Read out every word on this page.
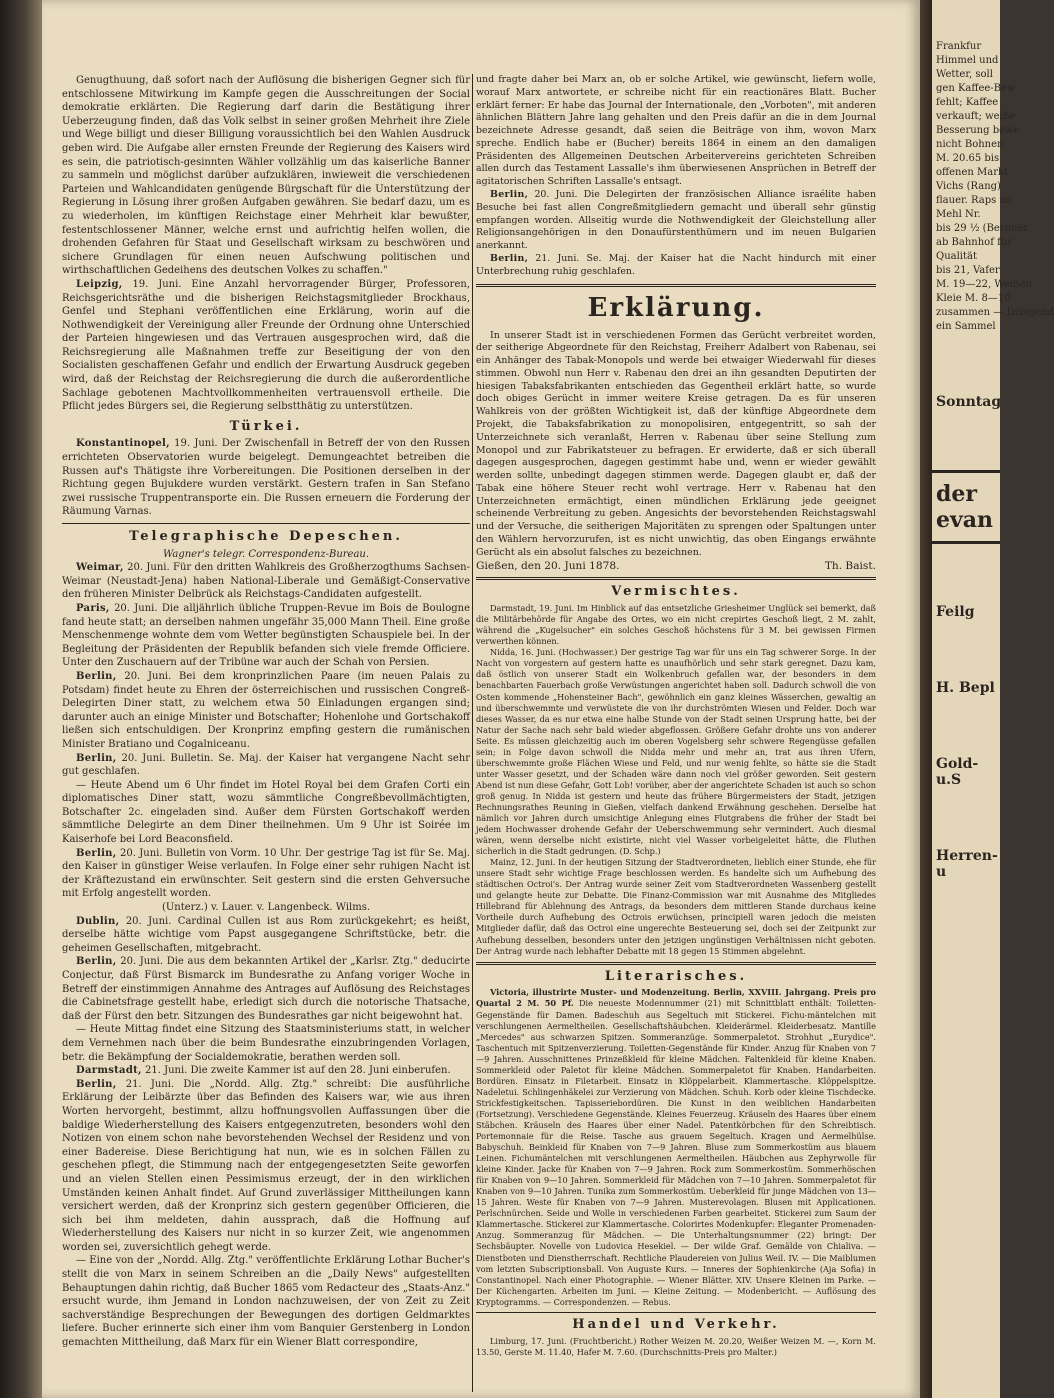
Genugthuung, daß sofort nach der Auflösung die bisherigen Gegner sich für entschlossene Mitwirkung im Kampfe gegen die Ausschreitungen der Social demokratie erklärten. Die Regierung darf darin die Bestätigung ihrer Ueberzeugung finden, daß das Volk selbst in seiner großen Mehrheit ihre Ziele und Wege billigt und dieser Billigung voraussichtlich bei den Wahlen Ausdruck geben wird. Die Aufgabe aller ernsten Freunde der Regierung des Kaisers wird es sein, die patriotisch-gesinnten Wähler vollzählig um das kaiserliche Banner zu sammeln und möglichst darüber aufzuklären, inwieweit die verschiedenen Parteien und Wahlcandidaten genügende Bürgschaft für die Unterstützung der Regierung in Lösung ihrer großen Aufgaben gewähren. Sie bedarf dazu, um es zu wiederholen, im künftigen Reichstage einer Mehrheit klar bewußter, festentschlossener Männer, welche ernst und aufrichtig helfen wollen, die drohenden Gefahren für Staat und Gesellschaft wirksam zu beschwören und sichere Grundlagen für einen neuen Aufschwung politischen und wirthschaftlichen Gedeihens des deutschen Volkes zu schaffen."

Leipzig, 19. Juni. Eine Anzahl hervorragender Bürger, Professoren, Reichsgerichtsräthe und die bisherigen Reichstagsmitglieder Brockhaus, Genfel und Stephani veröffentlichen eine Erklärung, worin auf die Nothwendigkeit der Vereinigung aller Freunde der Ordnung ohne Unterschied der Parteien hingewiesen und das Vertrauen ausgesprochen wird, daß die Reichsregierung alle Maßnahmen treffe zur Beseitigung der von den Socialisten geschaffenen Gefahr und endlich der Erwartung Ausdruck gegeben wird, daß der Reichstag der Reichsregierung die durch die außerordentliche Sachlage gebotenen Machtvollkommenheiten vertrauensvoll ertheile. Die Pflicht jedes Bürgers sei, die Regierung selbstthätig zu unterstützen.

Türkei.

Konstantinopel, 19. Juni. Der Zwischenfall in Betreff der von den Russen errichteten Observatorien wurde beigelegt. Demungeachtet betreiben die Russen auf's Thätigste ihre Vorbereitungen. Die Positionen derselben in der Richtung gegen Bujukdere wurden verstärkt. Gestern trafen in San Stefano zwei russische Truppentransporte ein. Die Russen erneuern die Forderung der Räumung Varnas.

Telegraphische Depeschen.
Wagner's telegr. Correspondenz-Bureau.

Weimar, 20. Juni. Für den dritten Wahlkreis des Großherzogthums Sachsen-Weimar (Neustadt-Jena) haben National-Liberale und Gemäßigt-Conservative den früheren Minister Delbrück als Reichstags-Candidaten aufgestellt.

Paris, 20. Juni. Die alljährlich übliche Truppen-Revue im Bois de Boulogne fand heute statt; an derselben nahmen ungefähr 35,000 Mann Theil. Eine große Menschenmenge wohnte dem vom Wetter begünstigten Schauspiele bei. In der Begleitung der Präsidenten der Republik befanden sich viele fremde Officiere. Unter den Zuschauern auf der Tribüne war auch der Schah von Persien.

Berlin, 20. Juni. Bei dem kronprinzlichen Paare (im neuen Palais zu Potsdam) findet heute zu Ehren der österreichischen und russischen Congreß-Delegirten Diner statt, zu welchem etwa 50 Einladungen ergangen sind; darunter auch an einige Minister und Botschafter; Hohenlohe und Gortschakoff ließen sich entschuldigen. Der Kronprinz empfing gestern die rumänischen Minister Bratiano und Cogalniceanu.

Berlin, 20. Juni. Bulletin. Se. Maj. der Kaiser hat vergangene Nacht sehr gut geschlafen.

— Heute Abend um 6 Uhr findet im Hotel Royal bei dem Grafen Corti ein diplomatisches Diner statt, wozu sämmtliche Congreßbevollmächtigten, Botschafter 2c. eingeladen sind. Außer dem Fürsten Gortschakoff werden sämmtliche Delegirte an dem Diner theilnehmen. Um 9 Uhr ist Soirée im Kaiserhofe bei Lord Beaconsfield.

Berlin, 20. Juni. Bulletin von Vorm. 10 Uhr. Der gestrige Tag ist für Se. Maj. den Kaiser in günstiger Weise verlaufen. In Folge einer sehr ruhigen Nacht ist der Kräftezustand ein erwünschter. Seit gestern sind die ersten Gehversuche mit Erfolg angestellt worden.

(Unterz.) v. Lauer. v. Langenbeck. Wilms.

Dublin, 20. Juni. Cardinal Cullen ist aus Rom zurückgekehrt; es heißt, derselbe hätte wichtige vom Papst ausgegangene Schriftstücke, betr. die geheimen Gesellschaften, mitgebracht.

Berlin, 20. Juni. Die aus dem bekannten Artikel der „Karlsr. Ztg." deducirte Conjectur, daß Fürst Bismarck im Bundesrathe zu Anfang voriger Woche in Betreff der einstimmigen Annahme des Antrages auf Auflösung des Reichstages die Cabinetsfrage gestellt habe, erledigt sich durch die notorische Thatsache, daß der Fürst den betr. Sitzungen des Bundesrathes gar nicht beigewohnt hat.

— Heute Mittag findet eine Sitzung des Staatsministeriums statt, in welcher dem Vernehmen nach über die beim Bundesrathe einzubringenden Vorlagen, betr. die Bekämpfung der Socialdemokratie, berathen werden soll.

Darmstadt, 21. Juni. Die zweite Kammer ist auf den 28. Juni einberufen.

Berlin, 21. Juni. Die „Nordd. Allg. Ztg." schreibt: Die ausführliche Erklärung der Leibärzte über das Befinden des Kaisers war, wie aus ihren Worten hervorgeht, bestimmt, allzu hoffnungsvollen Auffassungen über die baldige Wiederherstellung des Kaisers entgegenzutreten, besonders wohl den Notizen von einem schon nahe bevorstehenden Wechsel der Residenz und von einer Badereise. Diese Berichtigung hat nun, wie es in solchen Fällen zu geschehen pflegt, die Stimmung nach der entgegengesetzten Seite geworfen und an vielen Stellen einen Pessimismus erzeugt, der in den wirklichen Umständen keinen Anhalt findet. Auf Grund zuverlässiger Mittheilungen kann versichert werden, daß der Kronprinz sich gestern gegenüber Officieren, die sich bei ihm meldeten, dahin aussprach, daß die Hoffnung auf Wiederherstellung des Kaisers nur nicht in so kurzer Zeit, wie angenommen worden sei, zuversichtlich gehegt werde.

— Eine von der „Nordd. Allg. Ztg." veröffentlichte Erklärung Lothar Bucher's stellt die von Marx in seinem Schreiben an die „Daily News" aufgestellten Behauptungen dahin richtig, daß Bucher 1865 vom Redacteur des „Staats-Anz." ersucht wurde, ihm Jemand in London nachzuweisen, der von Zeit zu Zeit sachverständige Besprechungen der Bewegungen des dortigen Geldmarktes liefere. Bucher erinnerte sich einer ihm vom Banquier Gerstenberg in London gemachten Mittheilung, daß Marx für ein Wiener Blatt correspondire,

und fragte daher bei Marx an, ob er solche Artikel, wie gewünscht, liefern wolle, worauf Marx antwortete, er schreibe nicht für ein reactionäres Blatt. Bucher erklärt ferner: Er habe das Journal der Internationale, den „Vorboten", mit anderen ähnlichen Blättern Jahre lang gehalten und den Preis dafür an die in dem Journal bezeichnete Adresse gesandt, daß seien die Beiträge von ihm, wovon Marx spreche. Endlich habe er (Bucher) bereits 1864 in einem an den damaligen Präsidenten des Allgemeinen Deutschen Arbeitervereins gerichteten Schreiben allen durch das Testament Lassalle's ihm überwiesenen Ansprüchen in Betreff der agitatorischen Schriften Lassalle's entsagt.

Berlin, 20. Juni. Die Delegirten der französischen Alliance israélite haben Besuche bei fast allen Congreßmitgliedern gemacht und überall sehr günstig empfangen worden. Allseitig wurde die Nothwendigkeit der Gleichstellung aller Religionsangehörigen in den Donaufürstenthümern und im neuen Bulgarien anerkannt.

Berlin, 21. Juni. Se. Maj. der Kaiser hat die Nacht hindurch mit einer Unterbrechung ruhig geschlafen.

Erklärung.

In unserer Stadt ist in verschiedenen Formen das Gerücht verbreitet worden, der seitherige Abgeordnete für den Reichstag, Freiherr Adalbert von Rabenau, sei ein Anhänger des Tabak-Monopols und werde bei etwaiger Wiederwahl für dieses stimmen. Obwohl nun Herr v. Rabenau den drei an ihn gesandten Deputirten der hiesigen Tabaksfabrikanten entschieden das Gegentheil erklärt hatte, so wurde doch obiges Gerücht in immer weitere Kreise getragen. Da es für unseren Wahlkreis von der größten Wichtigkeit ist, daß der künftige Abgeordnete dem Projekt, die Tabaksfabrikation zu monopolisiren, entgegentritt, so sah der Unterzeichnete sich veranlaßt, Herren v. Rabenau über seine Stellung zum Monopol und zur Fabrikatsteuer zu befragen. Er erwiderte, daß er sich überall dagegen ausgesprochen, dagegen gestimmt habe und, wenn er wieder gewählt werden sollte, unbedingt dagegen stimmen werde. Dagegen glaubt er, daß der Tabak eine höhere Steuer recht wohl vertrage. Herr v. Rabenau hat den Unterzeichneten ermächtigt, einen mündlichen Erklärung jede geeignet scheinende Verbreitung zu geben. Angesichts der bevorstehenden Reichstagswahl und der Versuche, die seitherigen Majoritäten zu sprengen oder Spaltungen unter den Wählern hervorzurufen, ist es nicht unwichtig, das oben Eingangs erwähnte Gerücht als ein absolut falsches zu bezeichnen.

Gießen, den 20. Juni 1878.	Th. Baist.
Vermischtes.

Darmstadt, 19. Juni. Im Hinblick auf das entsetzliche Griesheimer Unglück sei bemerkt, daß die Militärbehörde für Angabe des Ortes, wo ein nicht crepirtes Geschoß liegt, 2 M. zahlt, während die „Kugelsucher" ein solches Geschoß höchstens für 3 M. bei gewissen Firmen verwerthen können.

Nidda, 16. Juni. (Hochwasser.) Der gestrige Tag war für uns ein Tag schwerer Sorge. In der Nacht von vorgestern auf gestern hatte es unaufhörlich und sehr stark geregnet. Dazu kam, daß östlich von unserer Stadt ein Wolkenbruch gefallen war, der besonders in dem benachbarten Fauerbach große Verwüstungen angerichtet haben soll. Dadurch schwoll die von Osten kommende „Hohensteiner Bach", gewöhnlich ein ganz kleines Wässerchen, gewaltig an und überschwemmte und verwüstete die von ihr durchströmten Wiesen und Felder. Doch war dieses Wasser, da es nur etwa eine halbe Stunde von der Stadt seinen Ursprung hatte, bei der Natur der Sache nach sehr bald wieder abgeflossen. Größere Gefahr drohte uns von anderer Seite. Es müssen gleichzeitig auch im oberen Vogelsberg sehr schwere Regengüsse gefallen sein; in Folge davon schwoll die Nidda mehr und mehr an, trat aus ihren Ufern, überschwemmte große Flächen Wiese und Feld, und nur wenig fehlte, so hätte sie die Stadt unter Wasser gesetzt, und der Schaden wäre dann noch viel größer geworden. Seit gestern Abend ist nun diese Gefahr, Gott Lob! vorüber, aber der angerichtete Schaden ist auch so schon groß genug. In Nidda ist gestern und heute das frühere Bürgermeisters der Stadt, jetzigen Rechnungsrathes Reuning in Gießen, vielfach dankend Erwähnung geschehen. Derselbe hat nämlich vor Jahren durch umsichtige Anlegung eines Flutgrabens die früher der Stadt bei jedem Hochwasser drohende Gefahr der Ueberschwemmung sehr vermindert. Auch diesmal wären, wenn derselbe nicht existirte, nicht viel Wasser vorbeigeleitet hätte, die Fluthen sicherlich in die Stadt gedrungen. (D. Schp.)

Mainz, 12. Juni. In der heutigen Sitzung der Stadtverordneten, lieblich einer Stunde, ehe für unsere Stadt sehr wichtige Frage beschlossen werden. Es handelte sich um Aufhebung des städtischen Octroi's. Der Antrag wurde seiner Zeit vom Stadtverordneten Wassenberg gestellt und gelangte heute zur Debatte. Die Finanz-Commission war mit Ausnahme des Mitgliedes Hillebrand für Ablehnung des Antrags, da besonders dem mittleren Stande durchaus keine Vortheile durch Aufhebung des Octrois erwüchsen, principiell waren jedoch die meisten Mitglieder dafür, daß das Octroi eine ungerechte Besteuerung sei, doch sei der Zeitpunkt zur Aufhebung desselben, besonders unter den jetzigen ungünstigen Verhältnissen nicht geboten. Der Antrag wurde nach lebhafter Debatte mit 18 gegen 15 Stimmen abgelehnt.

Literarisches.

Victoria, illustrirte Muster- und Modenzeitung. Berlin, XXVIII. Jahrgang. Preis pro Quartal 2 M. 50 Pf. Die neueste Modennummer (21) mit Schnittblatt enthält: Toiletten-Gegenstände für Damen. Badeschuh aus Segeltuch mit Stickerei. Fichu-mäntelchen mit verschlungenen Aermeltheilen. Gesellschaftshäubchen. Kleiderärmel. Kleiderbesatz. Mantille „Mercedes" aus schwarzen Spitzen. Sommeranzüge. Sommerpaletot. Strohhut „Eurydice". Taschentuch mit Spitzenverzierung. Toiletten-Gegenstände für Kinder. Anzug für Knaben von 7—9 Jahren. Ausschnittenes Prinzeßkleid für kleine Mädchen. Faltenkleid für kleine Knaben. Sommerkleid oder Paletot für kleine Mädchen. Sommerpaletot für Knaben. Handarbeiten. Bordüren. Einsatz in Filetarbeit. Einsatz in Klöppelarbeit. Klammertasche. Klöppelspitze. Nadeletui. Schlingenhäkelei zur Verzierung von Mädchen. Schuh. Korb oder kleine Tischdecke. Strickfestigkeitschen. Tapisseriebordüren. Die Kunst in den weiblichen Handarbeiten (Fortsetzung). Verschiedene Gegenstände. Kleines Feuerzeug. Kräuseln des Haares über einem Stäbchen. Kräuseln des Haares über einer Nadel. Patentkörbchen für den Schreibtisch. Portemonnaie für die Reise. Tasche aus grauem Segeltuch. Kragen und Aermelhülse. Babyschuh. Beinkleid für Knaben von 7—9 Jahren. Bluse zum Sommerkostüm aus blauem Leinen. Fichumäntelchen mit verschlungenen Aermeltheilen. Häubchen aus Zephyrwolle für kleine Kinder. Jacke für Knaben von 7—9 Jahren. Rock zum Sommerkostüm. Sommerhöschen für Knaben von 9—10 Jahren. Sommerkleid für Mädchen von 7—10 Jahren. Sommerpaletot für Knaben von 9—10 Jahren. Tunika zum Sommerkostüm. Ueberkleid für junge Mädchen von 13—15 Jahren. Weste für Knaben von 7—9 Jahren. Musterevolagen. Blusen mit Applicationen. Perlschnürchen. Seide und Wolle in verschiedenen Farben gearbeitet. Stickerei zum Saum der Klammertasche. Stickerei zur Klammertasche. Colorirtes Modenkupfer: Eleganter Promenaden-Anzug. Sommeranzug für Mädchen. — Die Unterhaltungsnummer (22) bringt: Der Sechsbäupter. Novelle von Ludovica Hesekiel. — Der wilde Graf. Gemälde von Chialiva. — Dienstboten und Dienstherrschaft. Rechtliche Plaudereien von Julius Weil. IV. — Die Maiblumen vom letzten Subscriptionsball. Von Auguste Kurs. — Inneres der Sophienkirche (Aja Sofia) in Constantinopel. Nach einer Photographie. — Wiener Blätter. XIV. Unsere Kleinen im Parke. — Der Küchengarten. Arbeiten im Juni. — Kleine Zeitung. — Modenbericht. — Auflösung des Kryptogramms. — Correspondenzen. — Rebus.

Handel und Verkehr.

Limburg, 17. Juni. (Fruchtbericht.) Rother Weizen M. 20.20, Weißer Weizen M. —, Korn M. 13.50, Gerste M. 11.40, Hafer M. 7.60. (Durchschnitts-Preis pro Malter.)

Frankfur
Himmel und
Wetter, soll
gen Kaffee-Bew
fehlt; Kaffee
verkauft; weiße
Besserung bewe
nicht Bohnen
M. 20.65 bis
offenen Markt
Vichs (Rang)
flauer. Raps no
Mehl Nr.
bis 29 ½ (Berliner
ab Bahnhof für
Qualität
bis 21, Vafer
M. 19—22, Weißen
Kleie M. 8—10
zusammen — Dringend
ein Sammel
Sonntag
der evan
Feilg
H. Bepl
Gold-u.S
Herren-u
